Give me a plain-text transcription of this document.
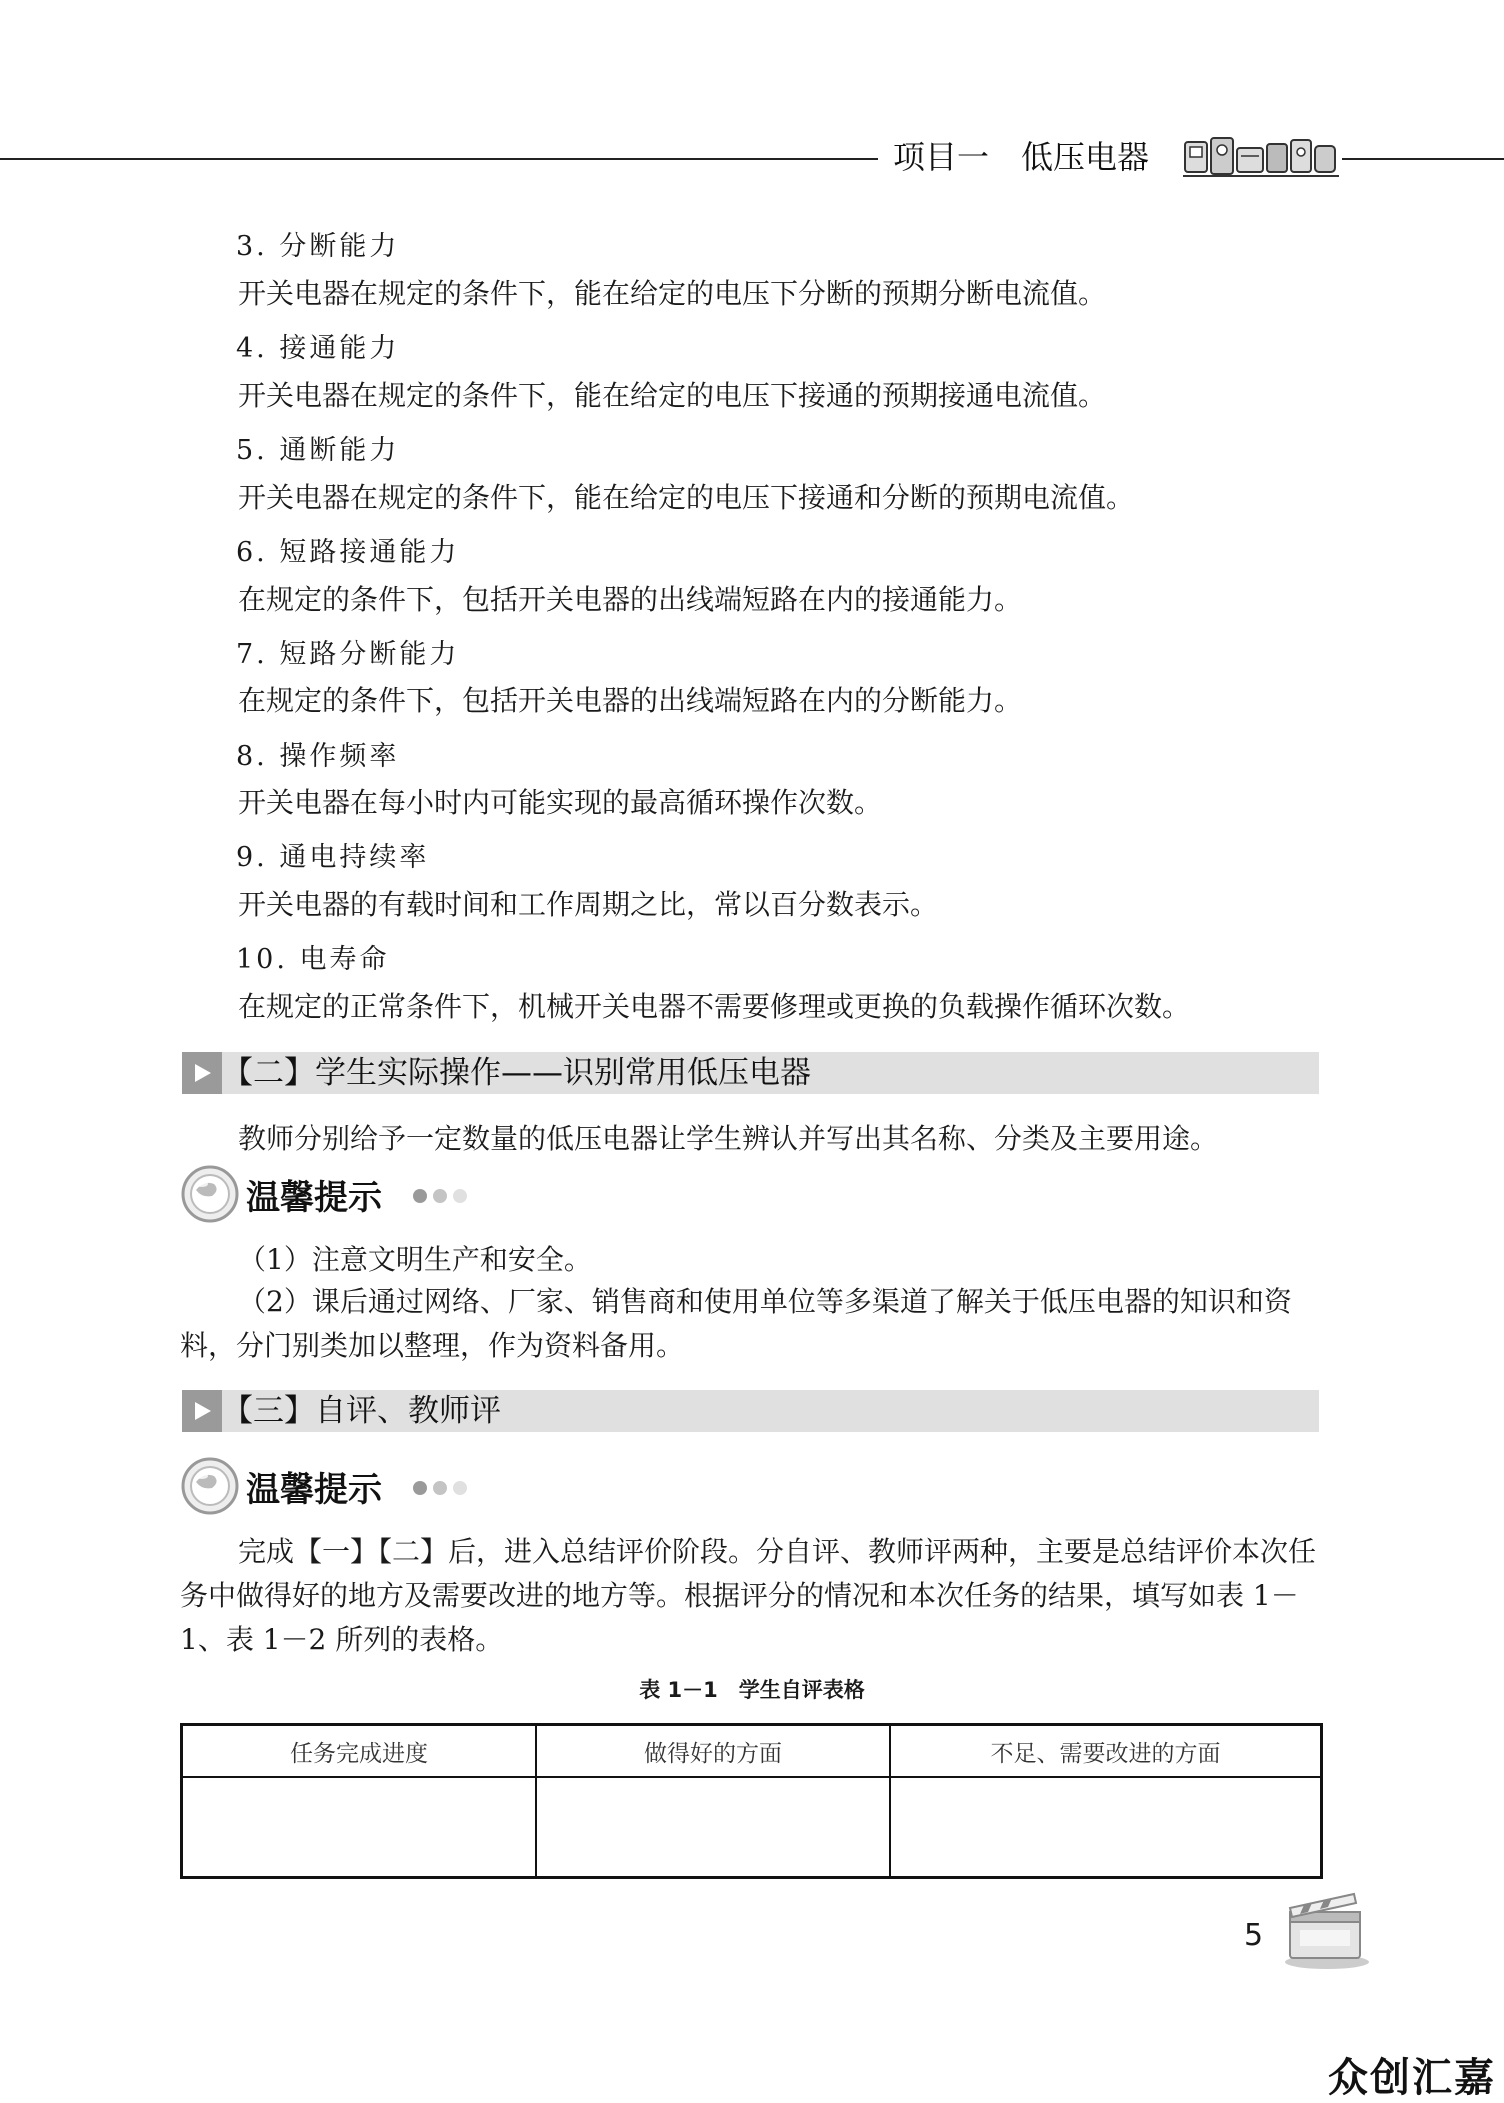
项目一　低压电器
3. 分断能力
开关电器在规定的条件下，能在给定的电压下分断的预期分断电流值。
4. 接通能力
开关电器在规定的条件下，能在给定的电压下接通的预期接通电流值。
5. 通断能力
开关电器在规定的条件下，能在给定的电压下接通和分断的预期电流值。
6. 短路接通能力
在规定的条件下，包括开关电器的出线端短路在内的接通能力。
7. 短路分断能力
在规定的条件下，包括开关电器的出线端短路在内的分断能力。
8. 操作频率
开关电器在每小时内可能实现的最高循环操作次数。
9. 通电持续率
开关电器的有载时间和工作周期之比，常以百分数表示。
10. 电寿命
在规定的正常条件下，机械开关电器不需要修理或更换的负载操作循环次数。
【二】学生实际操作——识别常用低压电器
教师分别给予一定数量的低压电器让学生辨认并写出其名称、分类及主要用途。
温馨提示
（1）注意文明生产和安全。
（2）课后通过网络、厂家、销售商和使用单位等多渠道了解关于低压电器的知识和资料，分门别类加以整理，作为资料备用。
【三】自评、教师评
温馨提示
完成【一】【二】后，进入总结评价阶段。分自评、教师评两种，主要是总结评价本次任务中做得好的地方及需要改进的地方等。根据评分的情况和本次任务的结果，填写如表 1－1、表 1－2 所列的表格。
表 1－1　学生自评表格
任务完成进度	做得好的方面	不足、需要改进的方面

5
众创汇嘉
